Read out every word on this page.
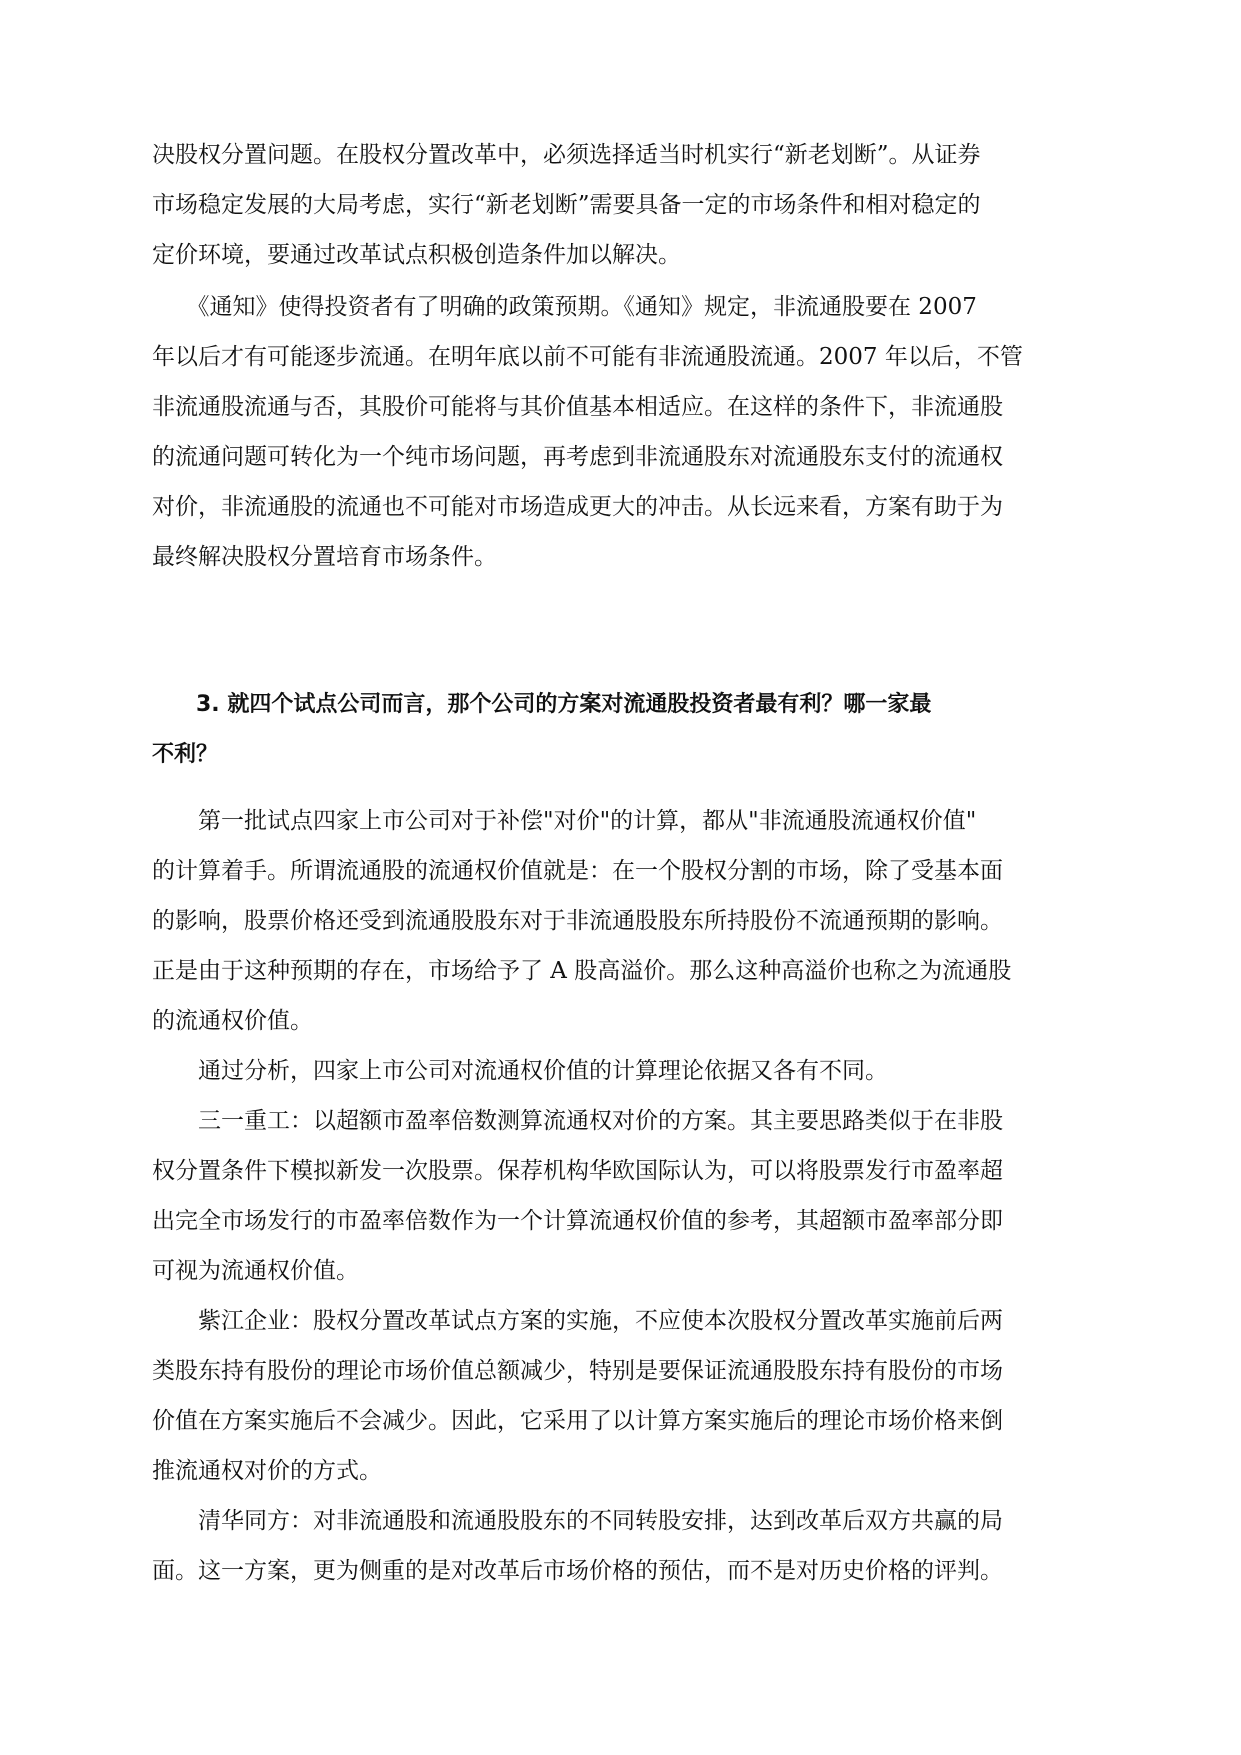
决股权分置问题。在股权分置改革中，必须选择适当时机实行“新老划断”。从证券
市场稳定发展的大局考虑，实行“新老划断”需要具备一定的市场条件和相对稳定的
定价环境，要通过改革试点积极创造条件加以解决。

　　《通知》使得投资者有了明确的政策预期。《通知》规定，非流通股要在 2007
年以后才有可能逐步流通。在明年底以前不可能有非流通股流通。2007 年以后，不管
非流通股流通与否，其股价可能将与其价值基本相适应。在这样的条件下，非流通股
的流通问题可转化为一个纯市场问题，再考虑到非流通股东对流通股东支付的流通权
对价，非流通股的流通也不可能对市场造成更大的冲击。从长远来看，方案有助于为
最终解决股权分置培育市场条件。

　　3. 就四个试点公司而言，那个公司的方案对流通股投资者最有利？哪一家最
不利？

　　第一批试点四家上市公司对于补偿"对价"的计算，都从"非流通股流通权价值"
的计算着手。所谓流通股的流通权价值就是：在一个股权分割的市场，除了受基本面
的影响，股票价格还受到流通股股东对于非流通股股东所持股份不流通预期的影响。
正是由于这种预期的存在，市场给予了 A 股高溢价。那么这种高溢价也称之为流通股
的流通权价值。

　　通过分析，四家上市公司对流通权价值的计算理论依据又各有不同。

　　三一重工：以超额市盈率倍数测算流通权对价的方案。其主要思路类似于在非股
权分置条件下模拟新发一次股票。保荐机构华欧国际认为，可以将股票发行市盈率超
出完全市场发行的市盈率倍数作为一个计算流通权价值的参考，其超额市盈率部分即
可视为流通权价值。

　　紫江企业：股权分置改革试点方案的实施，不应使本次股权分置改革实施前后两
类股东持有股份的理论市场价值总额减少，特别是要保证流通股股东持有股份的市场
价值在方案实施后不会减少。因此，它采用了以计算方案实施后的理论市场价格来倒
推流通权对价的方式。

　　清华同方：对非流通股和流通股股东的不同转股安排，达到改革后双方共赢的局
面。这一方案，更为侧重的是对改革后市场价格的预估，而不是对历史价格的评判。
